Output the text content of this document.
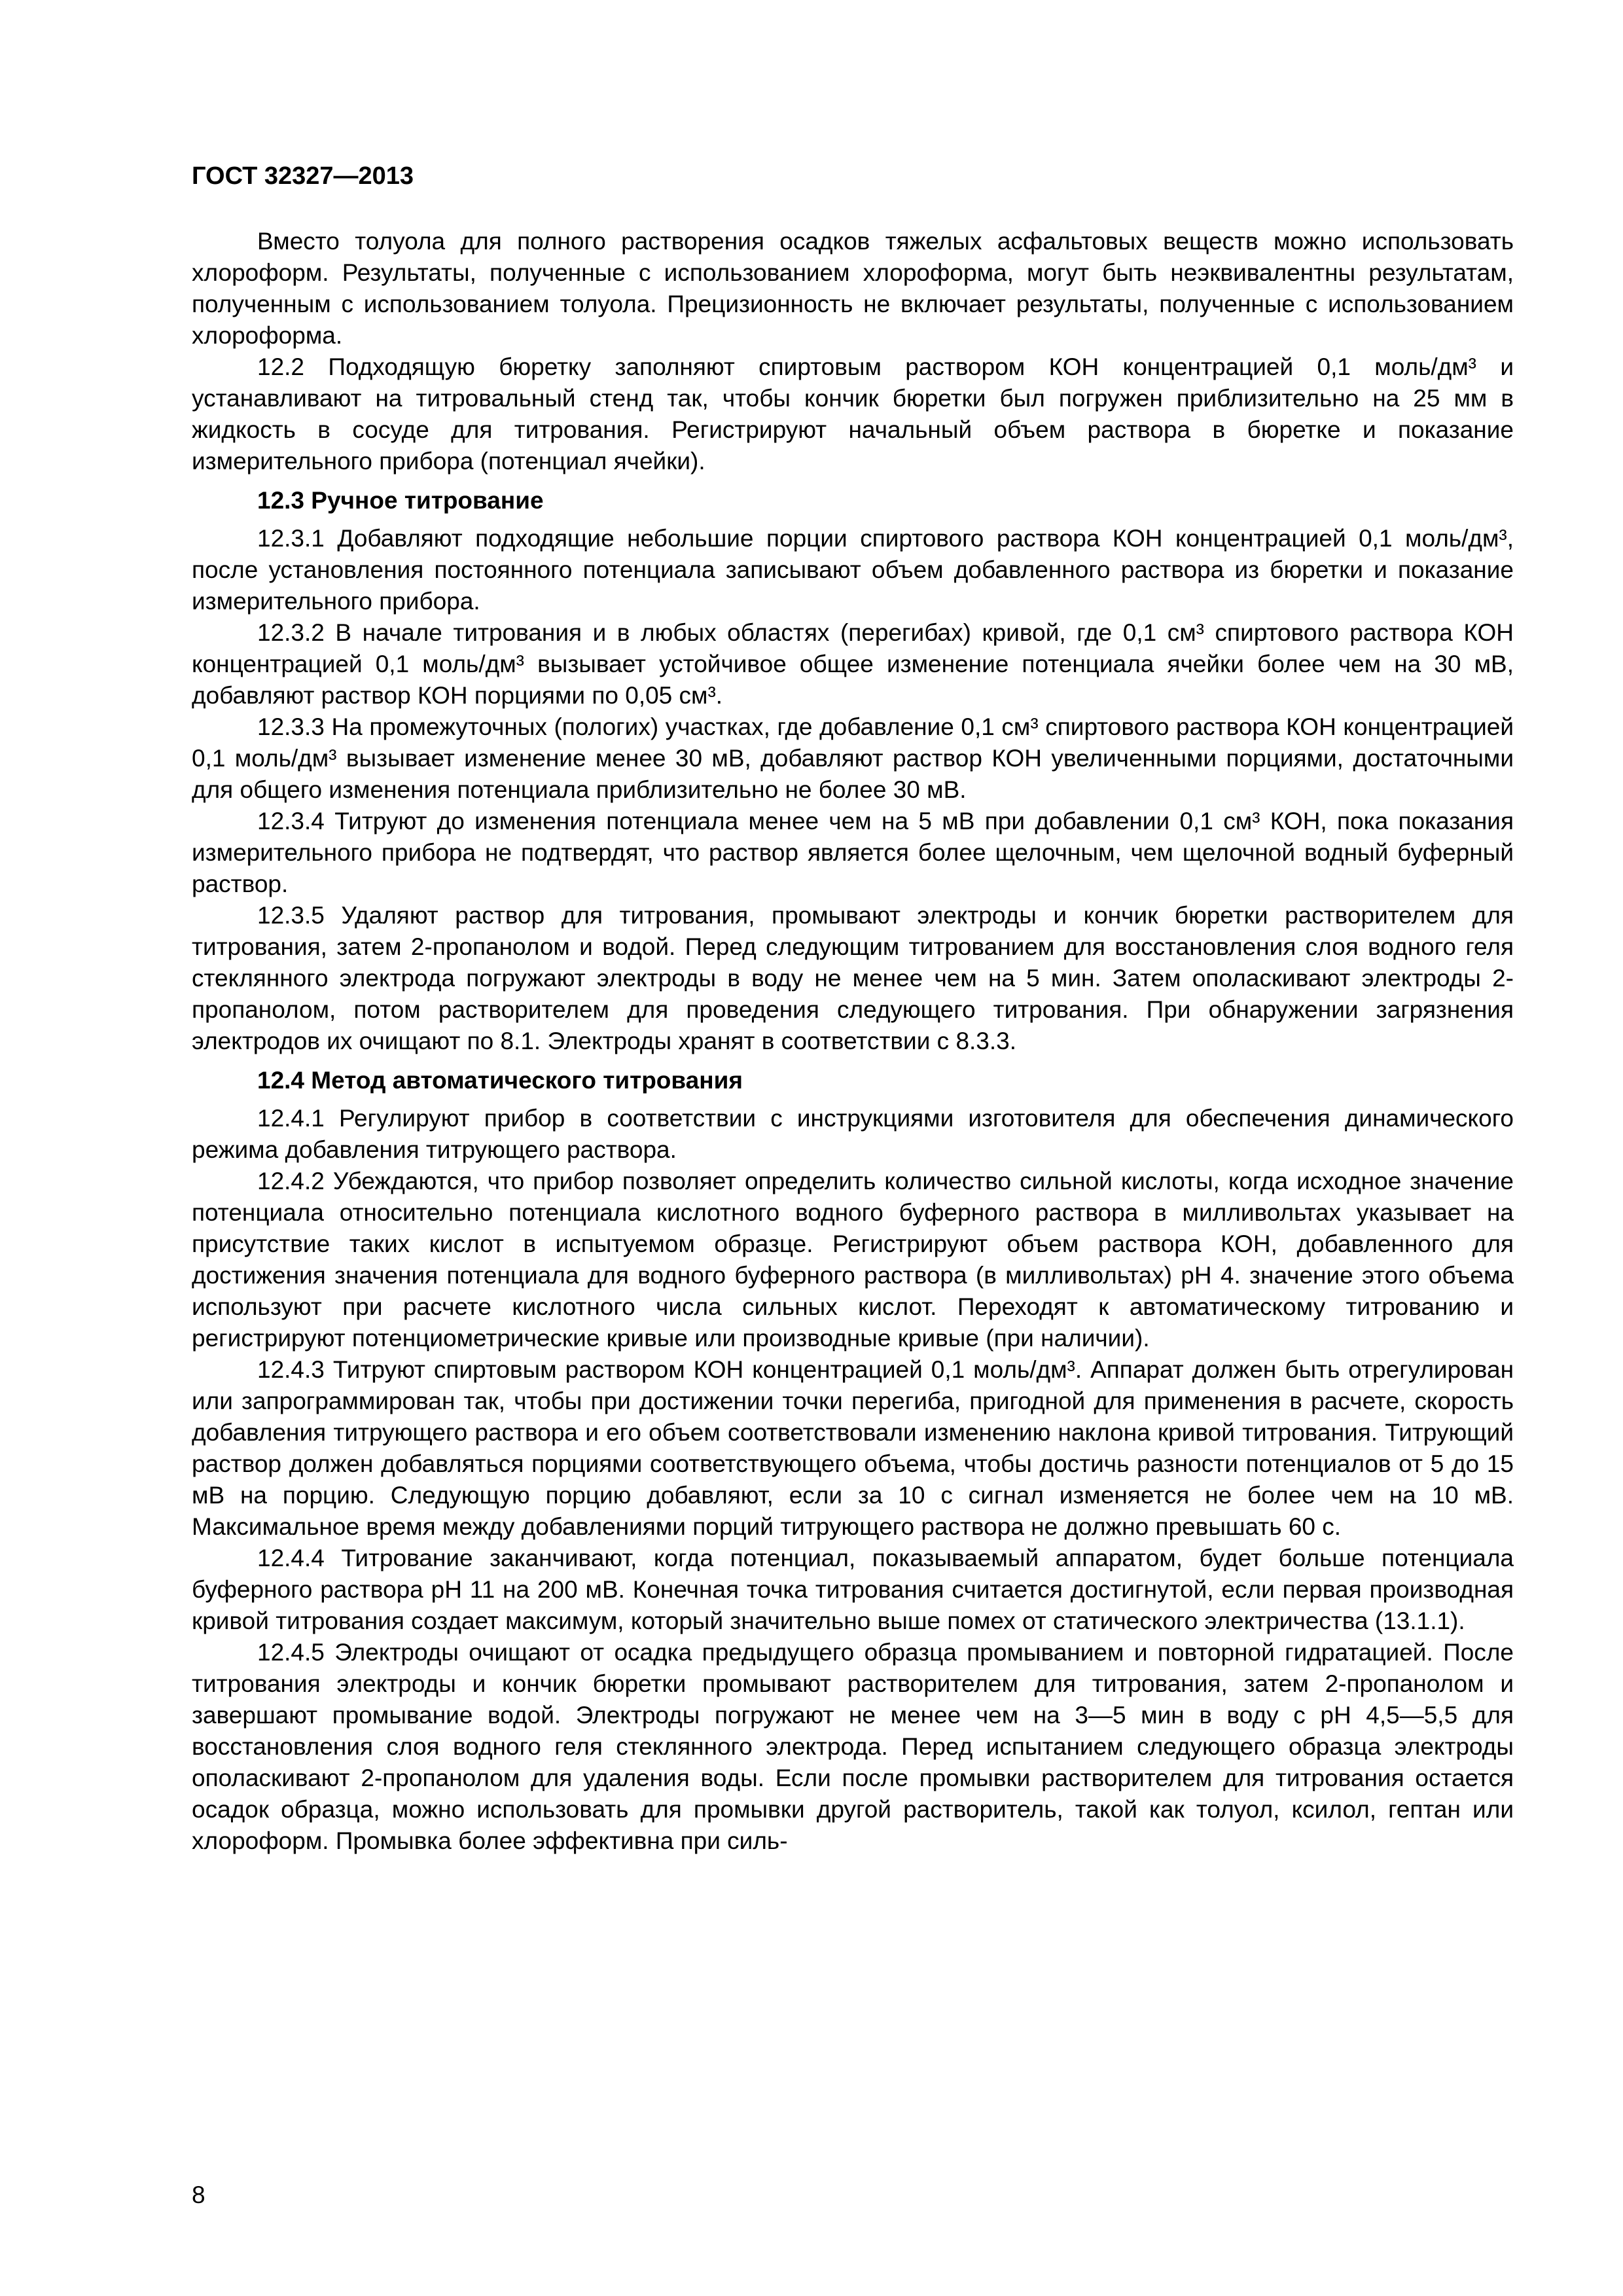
ГОСТ 32327—2013

Вместо толуола для полного растворения осадков тяжелых асфальтовых веществ можно использовать хлороформ. Результаты, полученные с использованием хлороформа, могут быть неэквивалентны результатам, полученным с использованием толуола. Прецизионность не включает результаты, полученные с использованием хлороформа.

12.2 Подходящую бюретку заполняют спиртовым раствором КОН концентрацией 0,1 моль/дм³ и устанавливают на титровальный стенд так, чтобы кончик бюретки был погружен приблизительно на 25 мм в жидкость в сосуде для титрования. Регистрируют начальный объем раствора в бюретке и показание измерительного прибора (потенциал ячейки).

12.3 Ручное титрование

12.3.1 Добавляют подходящие небольшие порции спиртового раствора КОН концентрацией 0,1 моль/дм³, после установления постоянного потенциала записывают объем добавленного раствора из бюретки и показание измерительного прибора.

12.3.2 В начале титрования и в любых областях (перегибах) кривой, где 0,1 см³ спиртового раствора КОН концентрацией 0,1 моль/дм³ вызывает устойчивое общее изменение потенциала ячейки более чем на 30 мВ, добавляют раствор КОН порциями по 0,05 см³.

12.3.3 На промежуточных (пологих) участках, где добавление 0,1 см³ спиртового раствора КОН концентрацией 0,1 моль/дм³ вызывает изменение менее 30 мВ, добавляют раствор КОН увеличенными порциями, достаточными для общего изменения потенциала приблизительно не более 30 мВ.

12.3.4 Титруют до изменения потенциала менее чем на 5 мВ при добавлении 0,1 см³ КОН, пока показания измерительного прибора не подтвердят, что раствор является более щелочным, чем щелочной водный буферный раствор.

12.3.5 Удаляют раствор для титрования, промывают электроды и кончик бюретки растворителем для титрования, затем 2-пропанолом и водой. Перед следующим титрованием для восстановления слоя водного геля стеклянного электрода погружают электроды в воду не менее чем на 5 мин. Затем ополаскивают электроды 2-пропанолом, потом растворителем для проведения следующего титрования. При обнаружении загрязнения электродов их очищают по 8.1. Электроды хранят в соответствии с 8.3.3.

12.4 Метод автоматического титрования

12.4.1 Регулируют прибор в соответствии с инструкциями изготовителя для обеспечения динамического режима добавления титрующего раствора.

12.4.2 Убеждаются, что прибор позволяет определить количество сильной кислоты, когда исходное значение потенциала относительно потенциала кислотного водного буферного раствора в милливольтах указывает на присутствие таких кислот в испытуемом образце. Регистрируют объем раствора КОН, добавленного для достижения значения потенциала для водного буферного раствора (в милливольтах) рН 4. значение этого объема используют при расчете кислотного числа сильных кислот. Переходят к автоматическому титрованию и регистрируют потенциометрические кривые или производные кривые (при наличии).

12.4.3 Титруют спиртовым раствором КОН концентрацией 0,1 моль/дм³. Аппарат должен быть отрегулирован или запрограммирован так, чтобы при достижении точки перегиба, пригодной для применения в расчете, скорость добавления титрующего раствора и его объем соответствовали изменению наклона кривой титрования. Титрующий раствор должен добавляться порциями соответствующего объема, чтобы достичь разности потенциалов от 5 до 15 мВ на порцию. Следующую порцию добавляют, если за 10 с сигнал изменяется не более чем на 10 мВ. Максимальное время между добавлениями порций титрующего раствора не должно превышать 60 с.

12.4.4 Титрование заканчивают, когда потенциал, показываемый аппаратом, будет больше потенциала буферного раствора рН 11 на 200 мВ. Конечная точка титрования считается достигнутой, если первая производная кривой титрования создает максимум, который значительно выше помех от статического электричества (13.1.1).

12.4.5 Электроды очищают от осадка предыдущего образца промыванием и повторной гидратацией. После титрования электроды и кончик бюретки промывают растворителем для титрования, затем 2-пропанолом и завершают промывание водой. Электроды погружают не менее чем на 3—5 мин в воду с рН 4,5—5,5 для восстановления слоя водного геля стеклянного электрода. Перед испытанием следующего образца электроды ополаскивают 2-пропанолом для удаления воды. Если после промывки растворителем для титрования остается осадок образца, можно использовать для промывки другой растворитель, такой как толуол, ксилол, гептан или хлороформ. Промывка более эффективна при силь-

8
